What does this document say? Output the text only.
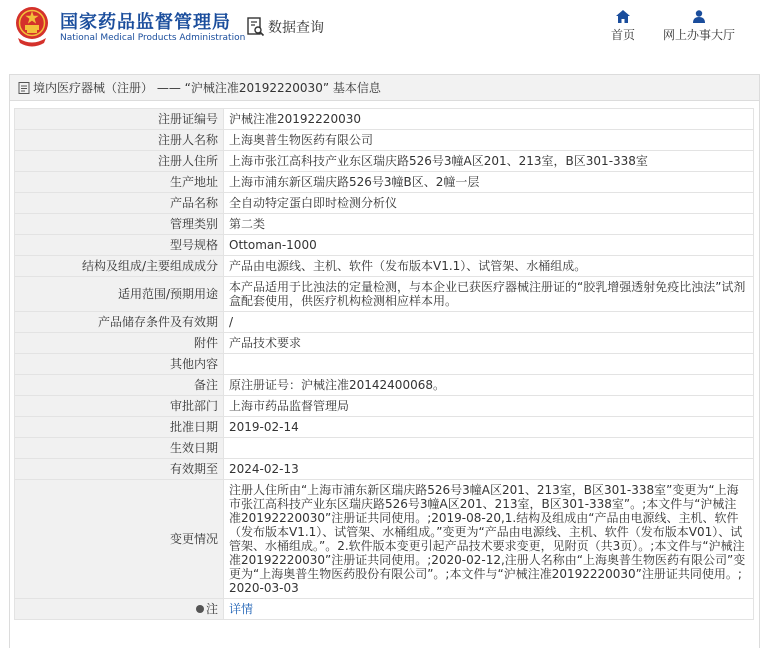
国家药品监督管理局
National Medical Products Administration
数据查询	首页	网上办事大厅
境内医疗器械（注册） —— “沪械注准20192220030” 基本信息
注册证编号	沪械注准20192220030
注册人名称	上海奥普生物医药有限公司
注册人住所	上海市张江高科技产业东区瑞庆路526号3幢A区201、213室，B区301-338室
生产地址	上海市浦东新区瑞庆路526号3幢B区、2幢一层
产品名称	全自动特定蛋白即时检测分析仪
管理类别	第二类
型号规格	Ottoman-1000
结构及组成/主要组成成分	产品由电源线、主机、软件（发布版本V1.1）、试管架、水桶组成。
适用范围/预期用途	本产品适用于比浊法的定量检测，与本企业已获医疗器械注册证的“胶乳增强透射免疫比浊法”试剂盒配套使用，供医疗机构检测相应样本用。
产品储存条件及有效期	/
附件	产品技术要求
其他内容	
备注	原注册证号：沪械注准20142400068。
审批部门	上海市药品监督管理局
批准日期	2019-02-14
生效日期	
有效期至	2024-02-13
变更情况	注册人住所由“上海市浦东新区瑞庆路526号3幢A区201、213室，B区301-338室”变更为“上海市张江高科技产业东区瑞庆路526号3幢A区201、213室，B区301-338室”。;本文件与“沪械注准20192220030”注册证共同使用。;2019-08-20,1.结构及组成由“产品由电源线、主机、软件（发布版本V1.1）、试管架、水桶组成。”变更为“产品由电源线、主机、软件（发布版本V01）、试管架、水桶组成。”。2.软件版本变更引起产品技术要求变更，见附页（共3页）。;本文件与“沪械注准20192220030”注册证共同使用。;2020-02-12,注册人名称由“上海奥普生物医药有限公司”变更为“上海奥普生物医药股份有限公司”。;本文件与“沪械注准20192220030”注册证共同使用。;2020-03-03
注	详情
